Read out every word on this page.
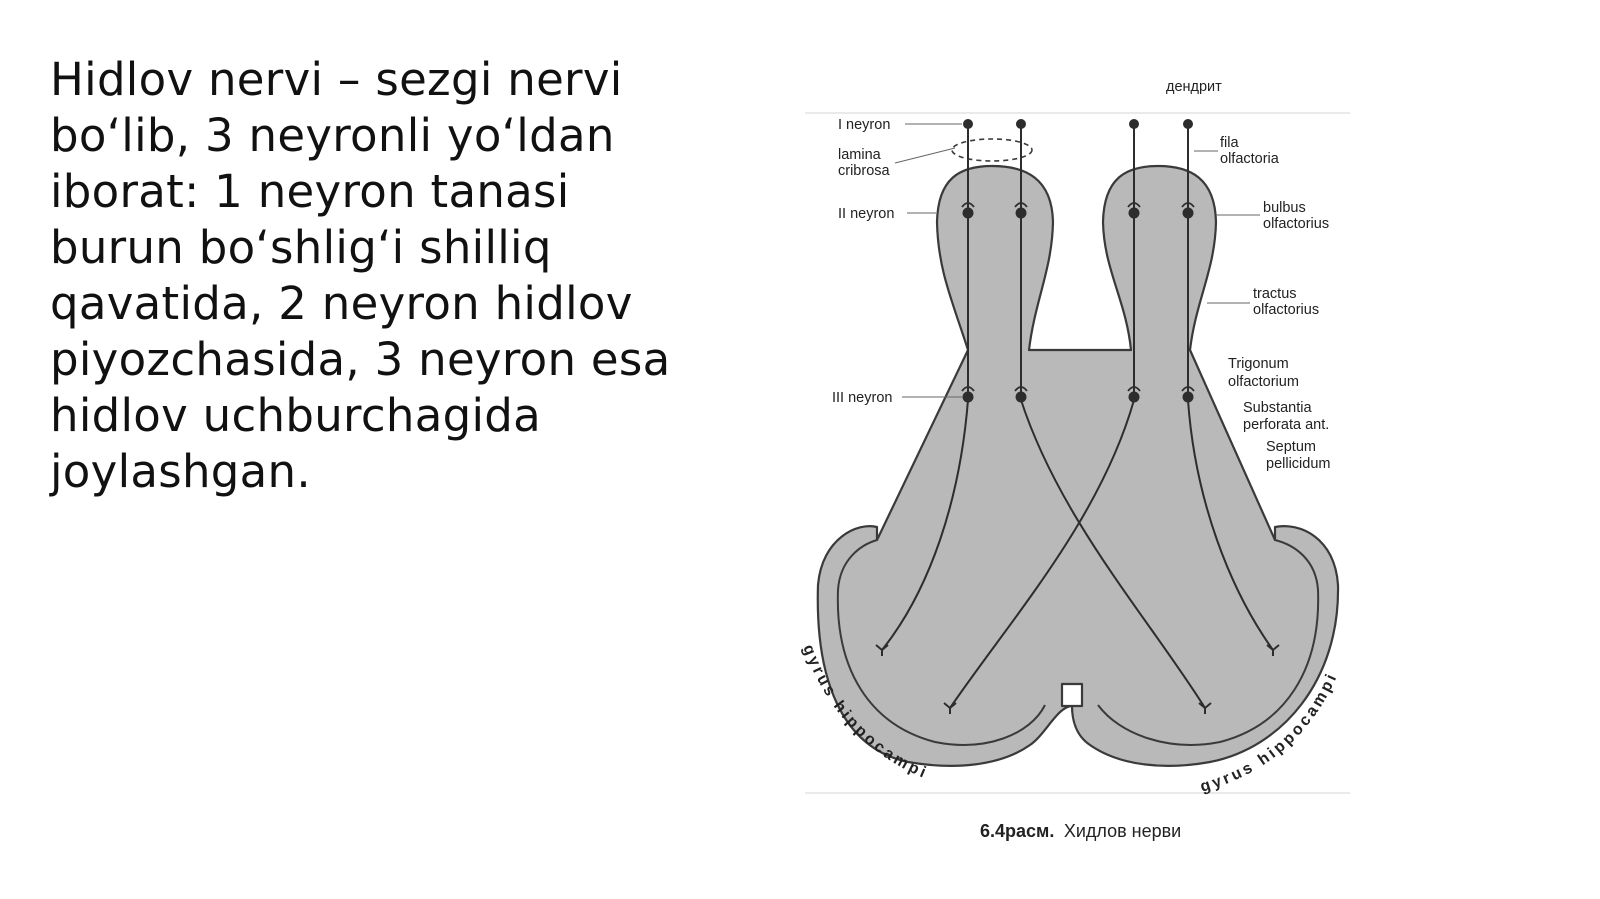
Hidlov nervi – sezgi nervi
bo‘lib, 3 neyronli yo‘ldan
iborat: 1 neyron tanasi
burun bo‘shlig‘i shilliq
qavatida, 2 neyron hidlov
piyozchasida, 3 neyron esa
hidlov uchburchagida
joylashgan.
дендрит
I neyron
lamina
cribrosa
II neyron
III neyron
fila
olfactoria
bulbus
olfactorius
tractus
olfactorius
Trigonum
olfactorium
Substantia
perforata ant.
Septum
pellicidum
gyrus hippocampi
gyrus hippocampi
6.4расм. Хидлов нерви
